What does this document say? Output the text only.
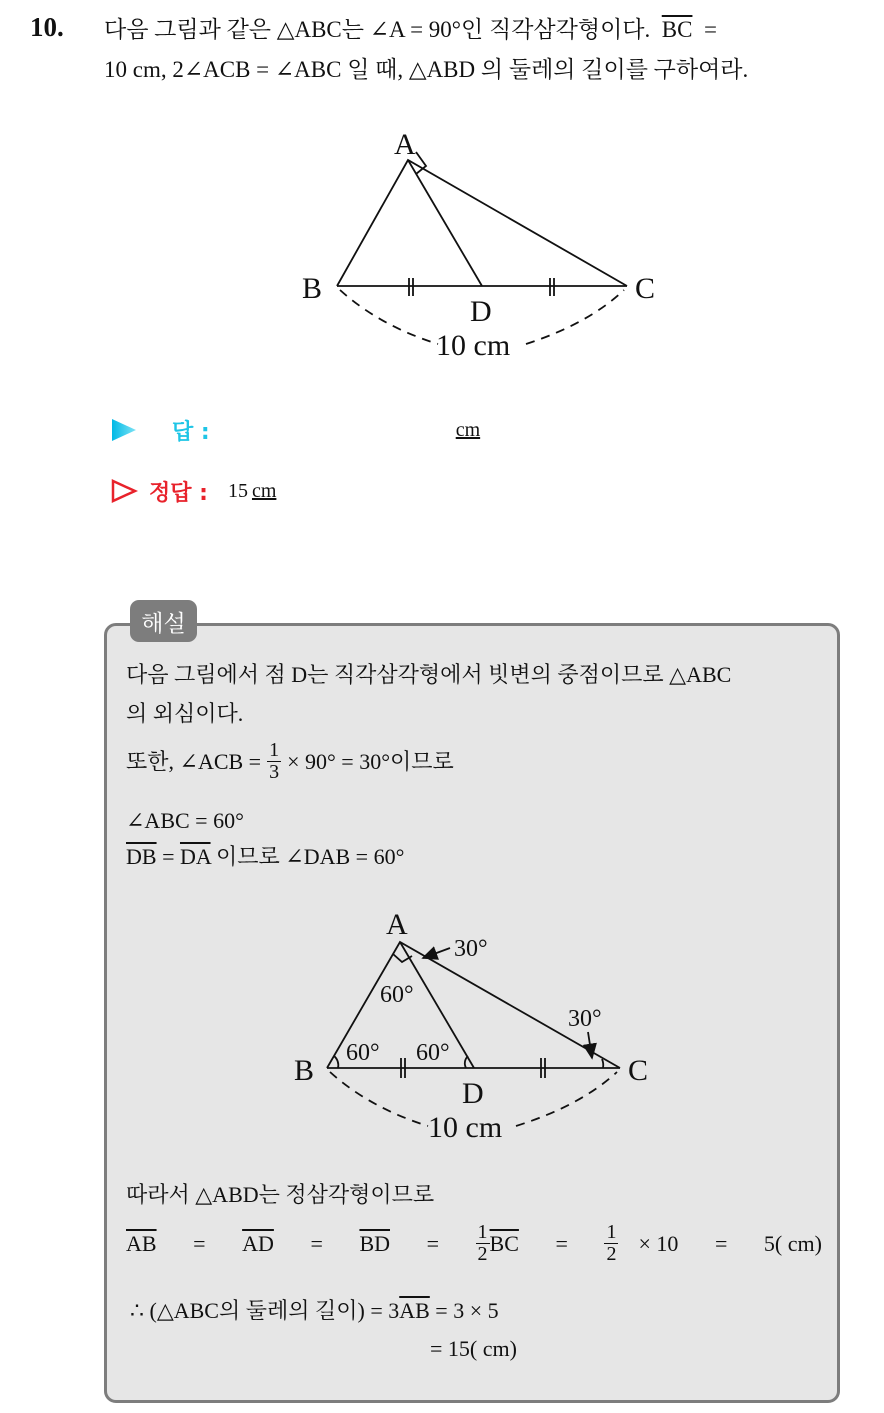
10. 다음 그림과 같은 △ABC는 ∠A = 90°인 직각삼각형이다. $\overline{BC}$ =
10 cm, 2∠ACB = ∠ABC 일 때, △ABD 의 둘레의 길이를 구하여라.
A
B	C
D
10 cm
답 :	cm
정답 : 15 cm
해설
다음 그림에서 점 D는 직각삼각형에서 빗변의 중점이므로 △ABC
의 외심이다.
또한, ∠ACB = $\frac{1}{3} \times 90^\circ = 30^\circ$이므로
∠ABC = 60°
$\overline{DB} = \overline{DA}$ 이므로 ∠DAB = 60°
A
B	C
D
10 cm
30°
60°
30°
60° 60°
따라서 △ABD는 정삼각형이므로
$\overline{AB} = \overline{AD} = \overline{BD} = \frac{1}{2} \overline{BC} = \frac{1}{2} \times 10 = 5$( cm)
∴ (△ABC의 둘레의 길이) = $3\overline{AB} = 3 \times 5$
= 15( cm)
